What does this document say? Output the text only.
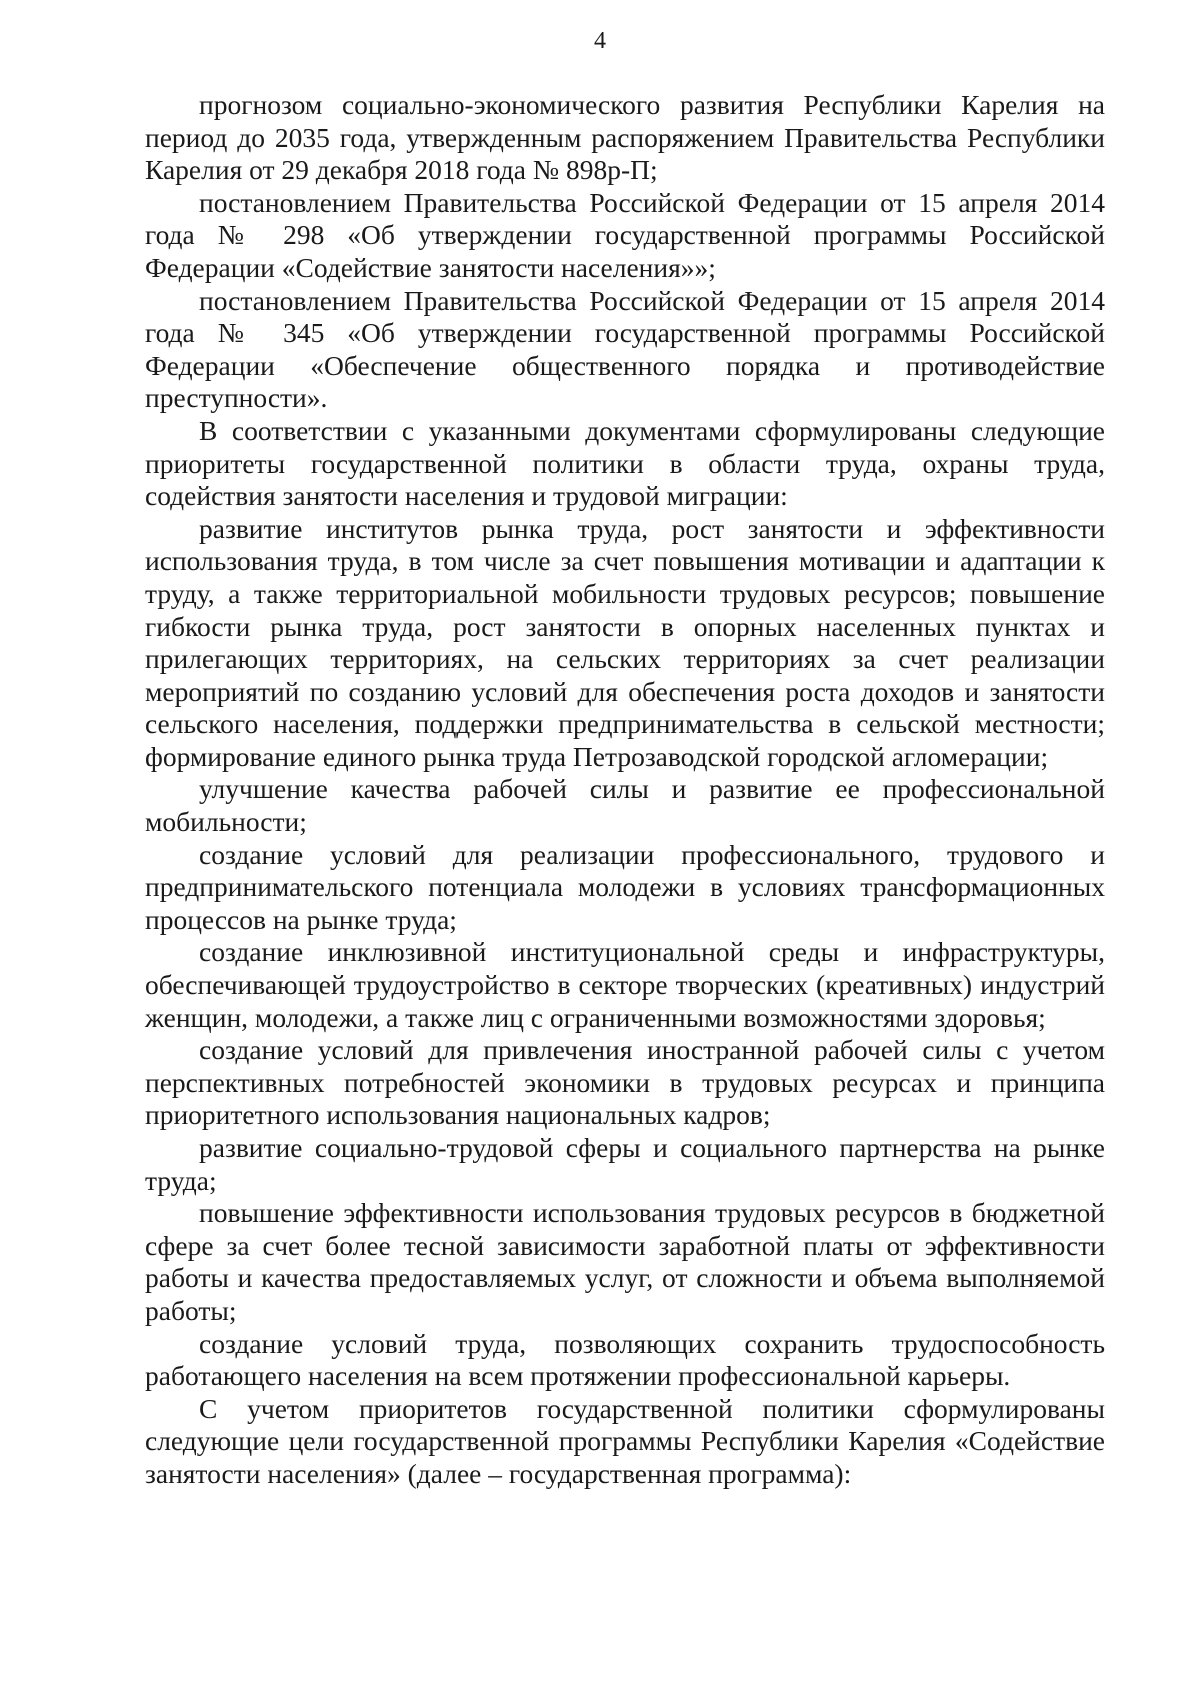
4

прогнозом социально-экономического развития Республики Карелия на период до 2035 года, утвержденным распоряжением Правительства Республики Карелия от 29 декабря 2018 года № 898р-П;

постановлением Правительства Российской Федерации от 15 апреля 2014 года № 298 «Об утверждении государственной программы Российской Федерации «Содействие занятости населения»»;

постановлением Правительства Российской Федерации от 15 апреля 2014 года № 345 «Об утверждении государственной программы Российской Федерации «Обеспечение общественного порядка и противодействие преступности».

В соответствии с указанными документами сформулированы следующие приоритеты государственной политики в области труда, охраны труда, содействия занятости населения и трудовой миграции:

развитие институтов рынка труда, рост занятости и эффективности использования труда, в том числе за счет повышения мотивации и адаптации к труду, а также территориальной мобильности трудовых ресурсов; повышение гибкости рынка труда, рост занятости в опорных населенных пунктах и прилегающих территориях, на сельских территориях за счет реализации мероприятий по созданию условий для обеспечения роста доходов и занятости сельского населения, поддержки предпринимательства в сельской местности; формирование единого рынка труда Петрозаводской городской агломерации;

улучшение качества рабочей силы и развитие ее профессиональной мобильности;

создание условий для реализации профессионального, трудового и предпринимательского потенциала молодежи в условиях трансформационных процессов на рынке труда;

создание инклюзивной институциональной среды и инфраструктуры, обеспечивающей трудоустройство в секторе творческих (креативных) индустрий женщин, молодежи, а также лиц с ограниченными возможностями здоровья;

создание условий для привлечения иностранной рабочей силы с учетом перспективных потребностей экономики в трудовых ресурсах и принципа приоритетного использования национальных кадров;

развитие социально-трудовой сферы и социального партнерства на рынке труда;

повышение эффективности использования трудовых ресурсов в бюджетной сфере за счет более тесной зависимости заработной платы от эффективности работы и качества предоставляемых услуг, от сложности и объема выполняемой работы;

создание условий труда, позволяющих сохранить трудоспособность работающего населения на всем протяжении профессиональной карьеры.

С учетом приоритетов государственной политики сформулированы следующие цели государственной программы Республики Карелия «Содействие занятости населения» (далее – государственная программа):
